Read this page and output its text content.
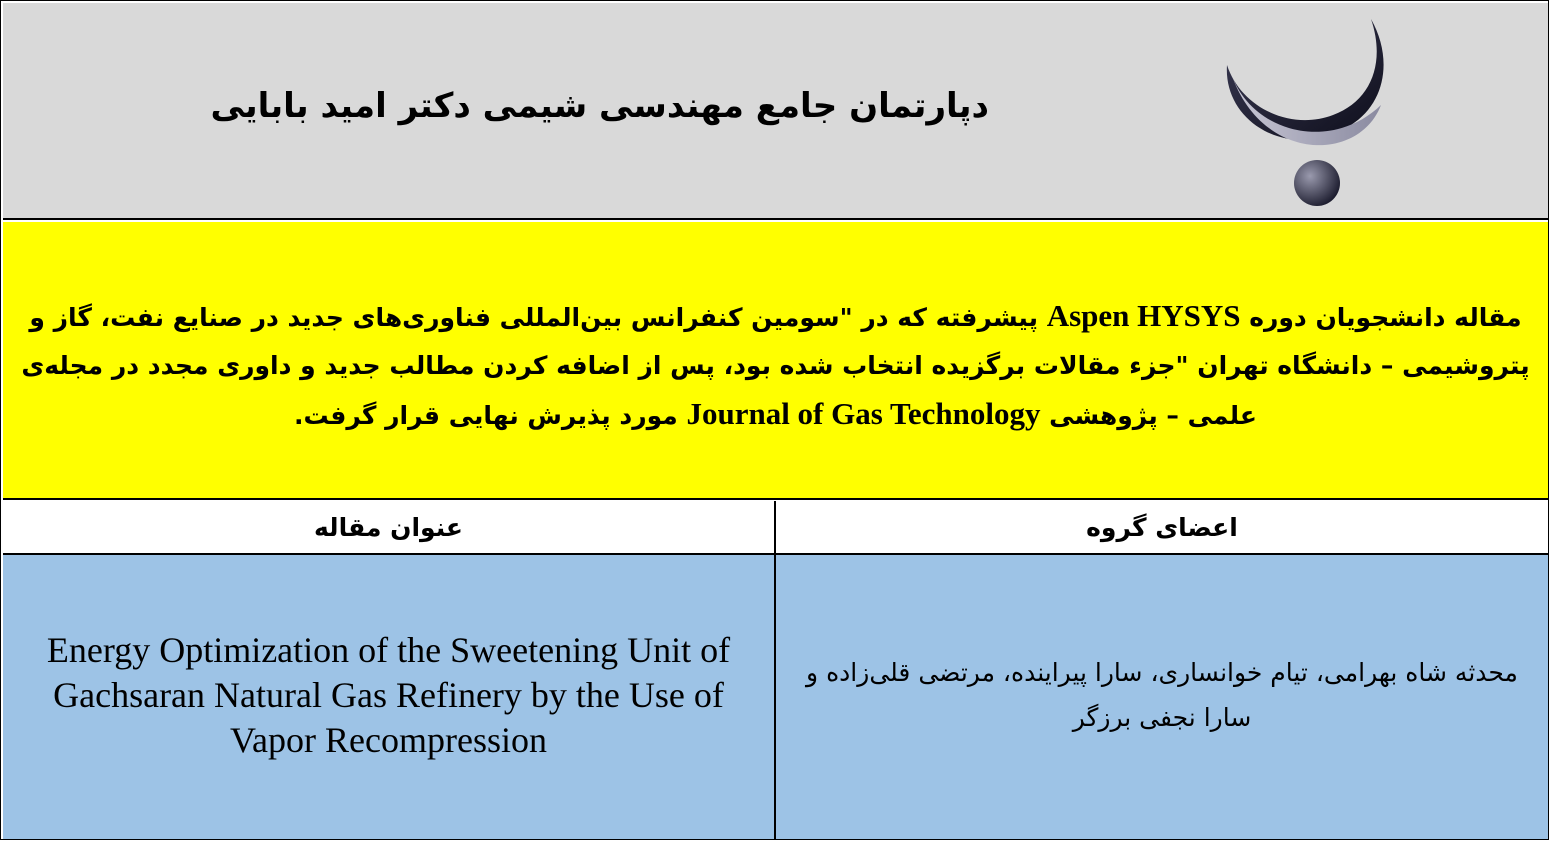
دپارتمان جامع مهندسی شیمی دکتر امید بابایی
مقاله دانشجویان دوره Aspen HYSYS پیشرفته که در "سومین کنفرانس بین‌المللی فناوری‌های جدید در صنایع نفت، گاز و پتروشیمی – دانشگاه تهران "جزء مقالات برگزیده انتخاب شده بود، پس از اضافه کردن مطالب جدید و داوری مجدد در مجله‌ی علمی – پژوهشی Journal of Gas Technology مورد پذیرش نهایی قرار گرفت.
عنوان مقاله	اعضای گروه
Energy Optimization of the Sweetening Unit of Gachsaran Natural Gas Refinery by the Use of Vapor Recompression
محدثه شاه بهرامی، تیام خوانساری، سارا پیراینده، مرتضی قلی‌زاده و سارا نجفی برزگر
